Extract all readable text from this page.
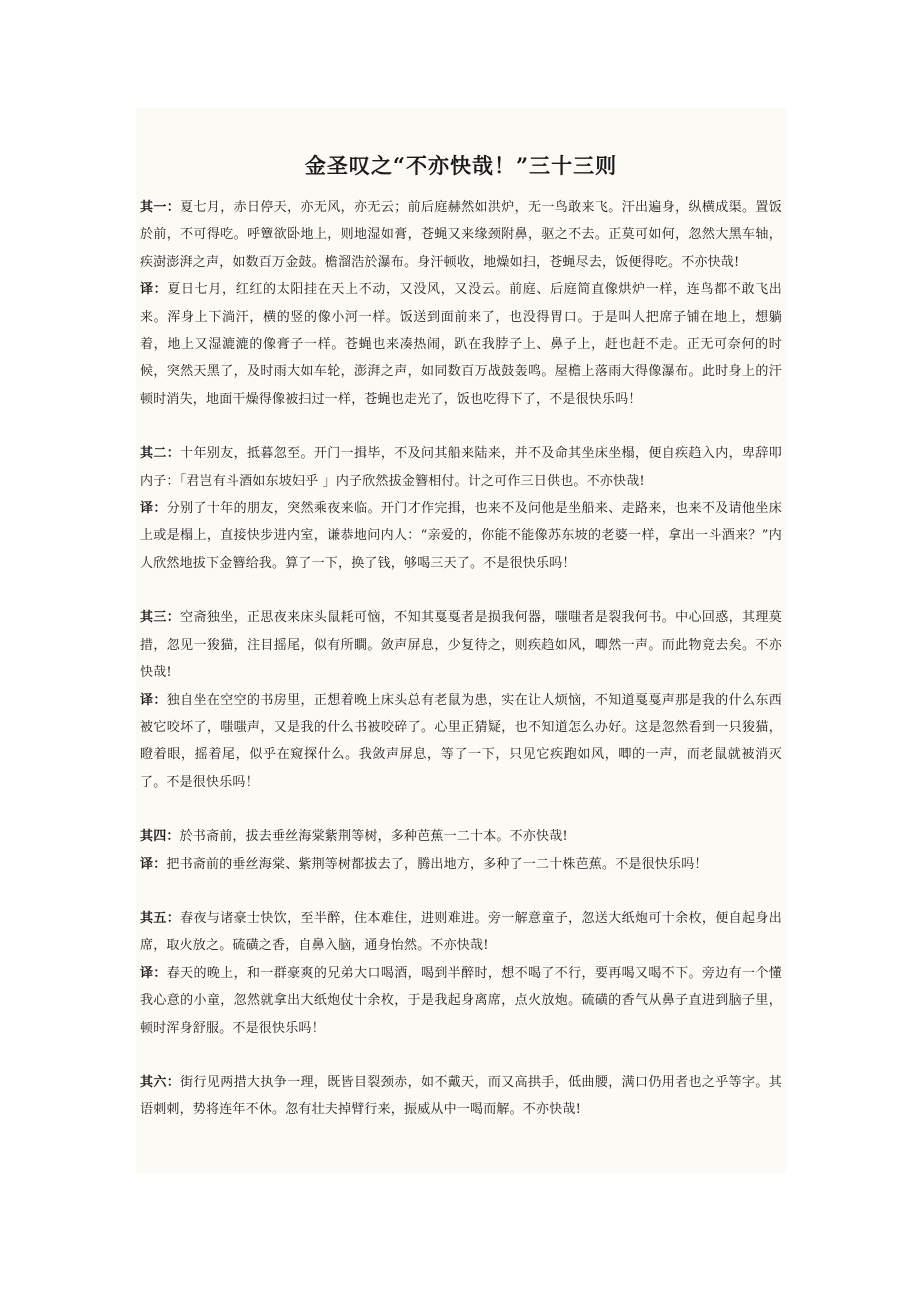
金圣叹之“不亦快哉！”三十三则
其一：夏七月，赤日停天，亦无风，亦无云；前后庭赫然如洪炉，无一鸟敢来飞。汗出遍身，纵横成渠。置饭於前，不可得吃。呼簟欲卧地上，则地湿如膏，苍蝇又来缘颈附鼻，驱之不去。正莫可如何，忽然大黑车轴，疾澍澎湃之声，如数百万金鼓。檐溜浩於瀑布。身汗顿收，地燥如扫，苍蝇尽去，饭便得吃。不亦快哉!
译：夏日七月，红红的太阳挂在天上不动，又没风，又没云。前庭、后庭简直像烘炉一样，连鸟都不敢飞出来。浑身上下淌汗，横的竖的像小河一样。饭送到面前来了，也没得胃口。于是叫人把席子铺在地上，想躺着，地上又湿漉漉的像膏子一样。苍蝇也来凑热闹，趴在我脖子上、鼻子上，赶也赶不走。正无可奈何的时候，突然天黑了，及时雨大如车轮，澎湃之声，如同数百万战鼓轰鸣。屋檐上落雨大得像瀑布。此时身上的汗顿时消失，地面干燥得像被扫过一样，苍蝇也走光了，饭也吃得下了，不是很快乐吗！
其二：十年别友，抵暮忽至。开门一揖毕，不及问其船来陆来，并不及命其坐床坐榻，便自疾趋入内，卑辞叩内子：「君岂有斗酒如东坡妇乎 」内子欣然拔金簪相付。计之可作三日供也。不亦快哉!
译：分别了十年的朋友，突然乘夜来临。开门才作完揖，也来不及问他是坐船来、走路来，也来不及请他坐床上或是榻上，直接快步进内室，谦恭地问内人：“亲爱的，你能不能像苏东坡的老婆一样，拿出一斗酒来？”内人欣然地拔下金簪给我。算了一下，换了钱，够喝三天了。不是很快乐吗！
其三：空斋独坐，正思夜来床头鼠耗可恼，不知其戛戛者是损我何器，嗤嗤者是裂我何书。中心回惑，其理莫措，忽见一狻猫，注目摇尾，似有所瞷。敛声屏息，少复待之，则疾趋如风，唧然一声。而此物竟去矣。不亦快哉!
译：独自坐在空空的书房里，正想着晚上床头总有老鼠为患，实在让人烦恼，不知道戛戛声那是我的什么东西被它咬坏了，嗤嗤声，又是我的什么书被咬碎了。心里正猜疑，也不知道怎么办好。这是忽然看到一只狻猫，瞪着眼，摇着尾，似乎在窥探什么。我敛声屏息，等了一下，只见它疾跑如风，唧的一声，而老鼠就被消灭了。不是很快乐吗！
其四：於书斋前，拔去垂丝海棠紫荆等树，多种芭蕉一二十本。不亦快哉!
译：把书斋前的垂丝海棠、紫荆等树都拔去了，腾出地方，多种了一二十株芭蕉。不是很快乐吗！
其五：春夜与诸豪士快饮，至半醉，住本难住，进则难进。旁一解意童子，忽送大纸炮可十余枚，便自起身出席，取火放之。硫磺之香，自鼻入脑，通身怡然。不亦快哉!
译：春天的晚上，和一群豪爽的兄弟大口喝酒，喝到半醉时，想不喝了不行，要再喝又喝不下。旁边有一个懂我心意的小童，忽然就拿出大纸炮仗十余枚，于是我起身离席，点火放炮。硫磺的香气从鼻子直进到脑子里，顿时浑身舒服。不是很快乐吗！
其六：街行见两措大执争一理，既皆目裂颈赤，如不戴天，而又高拱手，低曲腰，满口仍用者也之乎等字。其语刺刺，势将连年不休。忽有壮夫掉臂行来，振威从中一喝而解。不亦快哉!
